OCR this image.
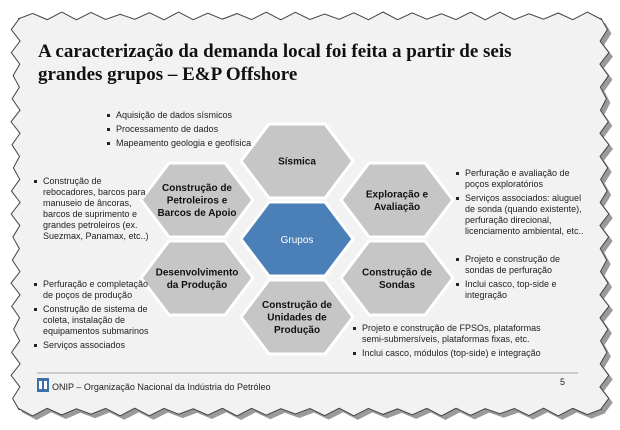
A caracterização da demanda local foi feita a partir de seis grandes grupos – E&P Offshore
Grupos
Sísmica
Exploração e
Avaliação
Construção de
Sondas
Construção de
Unidades de
Produção
Desenvolvimento
da Produção
Construção de
Petroleiros e
Barcos de Apoio
Aquisição de dados sísmicos
Processamento de dados
Mapeamento geologia e geofísica
Perfuração e avaliação de poços exploratórios
Serviços associados: aluguel de sonda (quando existente), perfuração direcional, licenciamento ambiental, etc..
Projeto e construção de sondas de perfuração
Inclui casco, top-side e integração
Projeto e construção de FPSOs, plataformas semi-submersíveis, plataformas fixas, etc.
Inclui casco, módulos (top-side) e integração
Perfuração e completação de poços de produção
Construção de sistema de coleta, instalação de equipamentos submarinos
Serviços associados
Construção de rebocadores, barcos para manuseio de âncoras, barcos de suprimento e grandes petroleiros (ex. Suezmax, Panamax, etc..)
ONIP – Organização Nacional da Indústria do Petróleo	5
